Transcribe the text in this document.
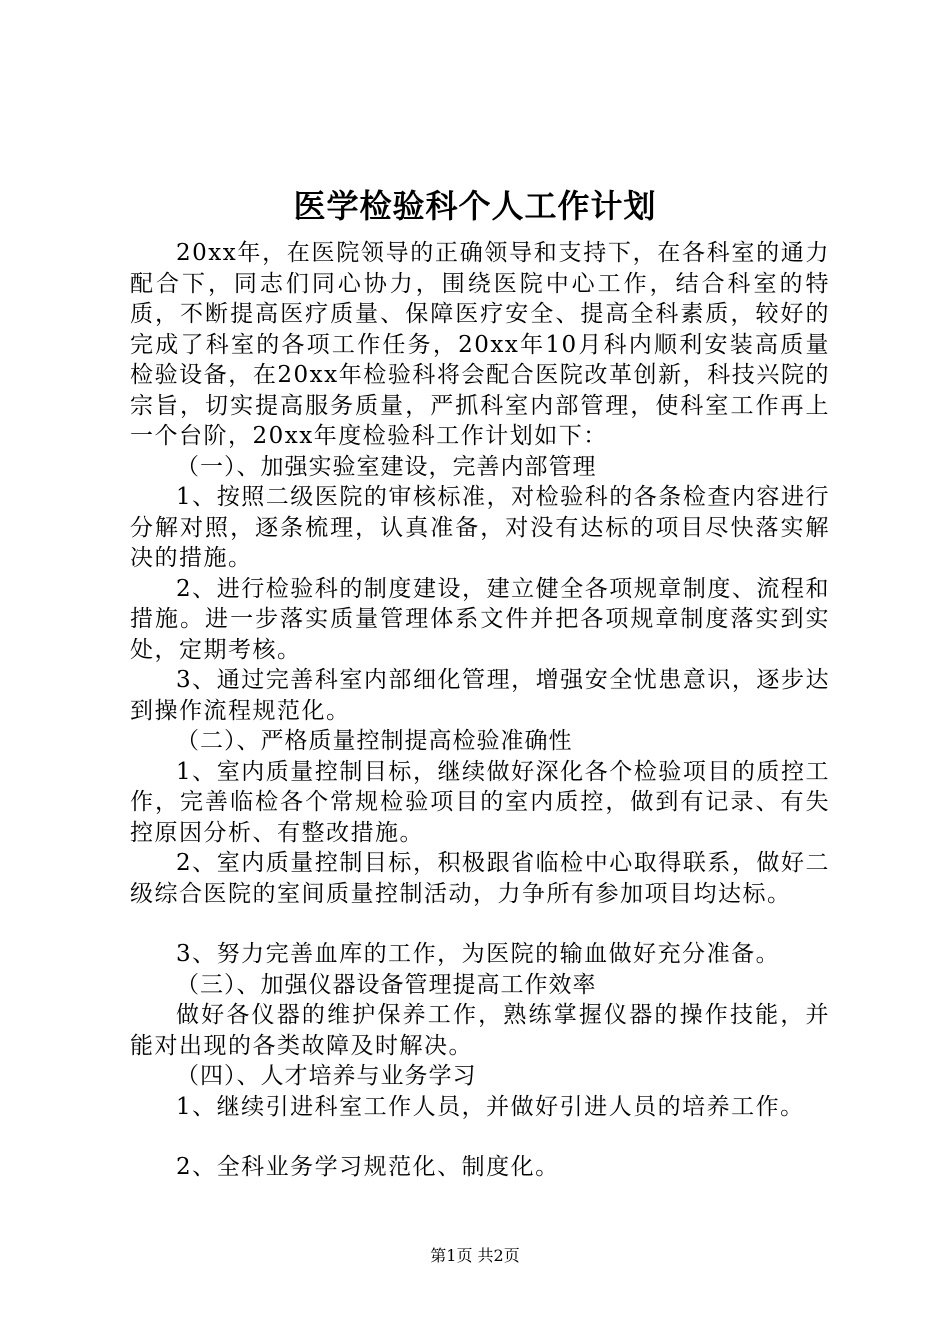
医学检验科个人工作计划

20xx年，在医院领导的正确领导和支持下，在各科室的通力配合下，同志们同心协力，围绕医院中心工作，结合科室的特质，不断提高医疗质量、保障医疗安全、提高全科素质，较好的完成了科室的各项工作任务，20xx年10月科内顺利安装高质量检验设备，在20xx年检验科将会配合医院改革创新，科技兴院的宗旨，切实提高服务质量，严抓科室内部管理，使科室工作再上一个台阶，20xx年度检验科工作计划如下：

（一）、加强实验室建设，完善内部管理

1、按照二级医院的审核标准，对检验科的各条检查内容进行分解对照，逐条梳理，认真准备，对没有达标的项目尽快落实解决的措施。

2、进行检验科的制度建设，建立健全各项规章制度、流程和措施。进一步落实质量管理体系文件并把各项规章制度落实到实处，定期考核。

3、通过完善科室内部细化管理，增强安全忧患意识，逐步达到操作流程规范化。

（二）、严格质量控制提高检验准确性

1、室内质量控制目标，继续做好深化各个检验项目的质控工作，完善临检各个常规检验项目的室内质控，做到有记录、有失控原因分析、有整改措施。

2、室内质量控制目标，积极跟省临检中心取得联系，做好二级综合医院的室间质量控制活动，力争所有参加项目均达标。

3、努力完善血库的工作，为医院的输血做好充分准备。

（三）、加强仪器设备管理提高工作效率

做好各仪器的维护保养工作，熟练掌握仪器的操作技能，并能对出现的各类故障及时解决。

（四）、人才培养与业务学习

1、继续引进科室工作人员，并做好引进人员的培养工作。

2、全科业务学习规范化、制度化。

第1页 共2页
